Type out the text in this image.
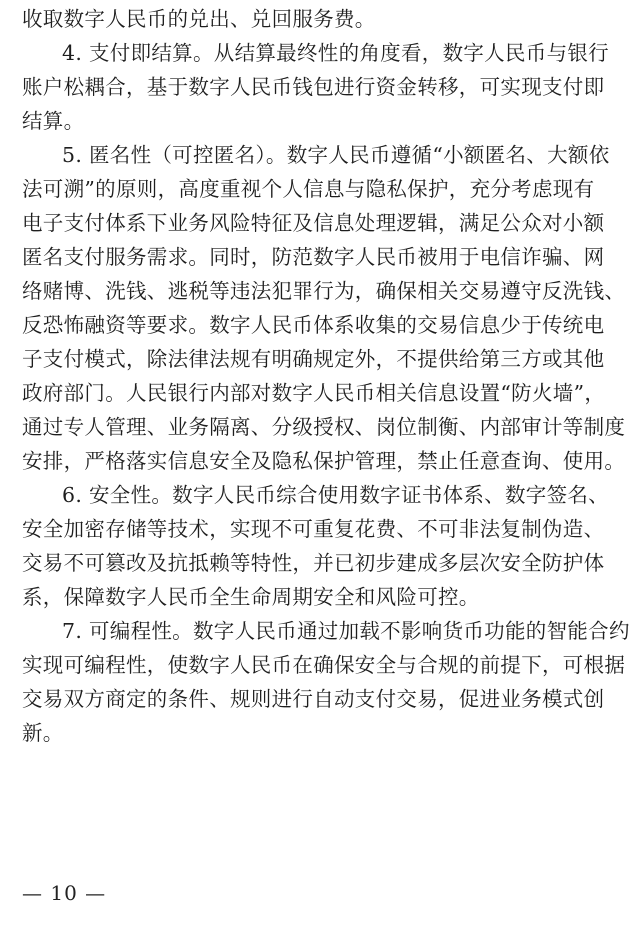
收取数字人民币的兑出、兑回服务费。
4. 支付即结算。从结算最终性的角度看，数字人民币与银行
账户松耦合，基于数字人民币钱包进行资金转移，可实现支付即
结算。
5. 匿名性（可控匿名）。数字人民币遵循“小额匿名、大额依
法可溯”的原则，高度重视个人信息与隐私保护，充分考虑现有
电子支付体系下业务风险特征及信息处理逻辑，满足公众对小额
匿名支付服务需求。同时，防范数字人民币被用于电信诈骗、网
络赌博、洗钱、逃税等违法犯罪行为，确保相关交易遵守反洗钱、
反恐怖融资等要求。数字人民币体系收集的交易信息少于传统电
子支付模式，除法律法规有明确规定外，不提供给第三方或其他
政府部门。人民银行内部对数字人民币相关信息设置“防火墙”，
通过专人管理、业务隔离、分级授权、岗位制衡、内部审计等制度
安排，严格落实信息安全及隐私保护管理，禁止任意查询、使用。
6. 安全性。数字人民币综合使用数字证书体系、数字签名、
安全加密存储等技术，实现不可重复花费、不可非法复制伪造、
交易不可篡改及抗抵赖等特性，并已初步建成多层次安全防护体
系，保障数字人民币全生命周期安全和风险可控。
7. 可编程性。数字人民币通过加载不影响货币功能的智能合约
实现可编程性，使数字人民币在确保安全与合规的前提下，可根据
交易双方商定的条件、规则进行自动支付交易，促进业务模式创
新。
— 10 —
